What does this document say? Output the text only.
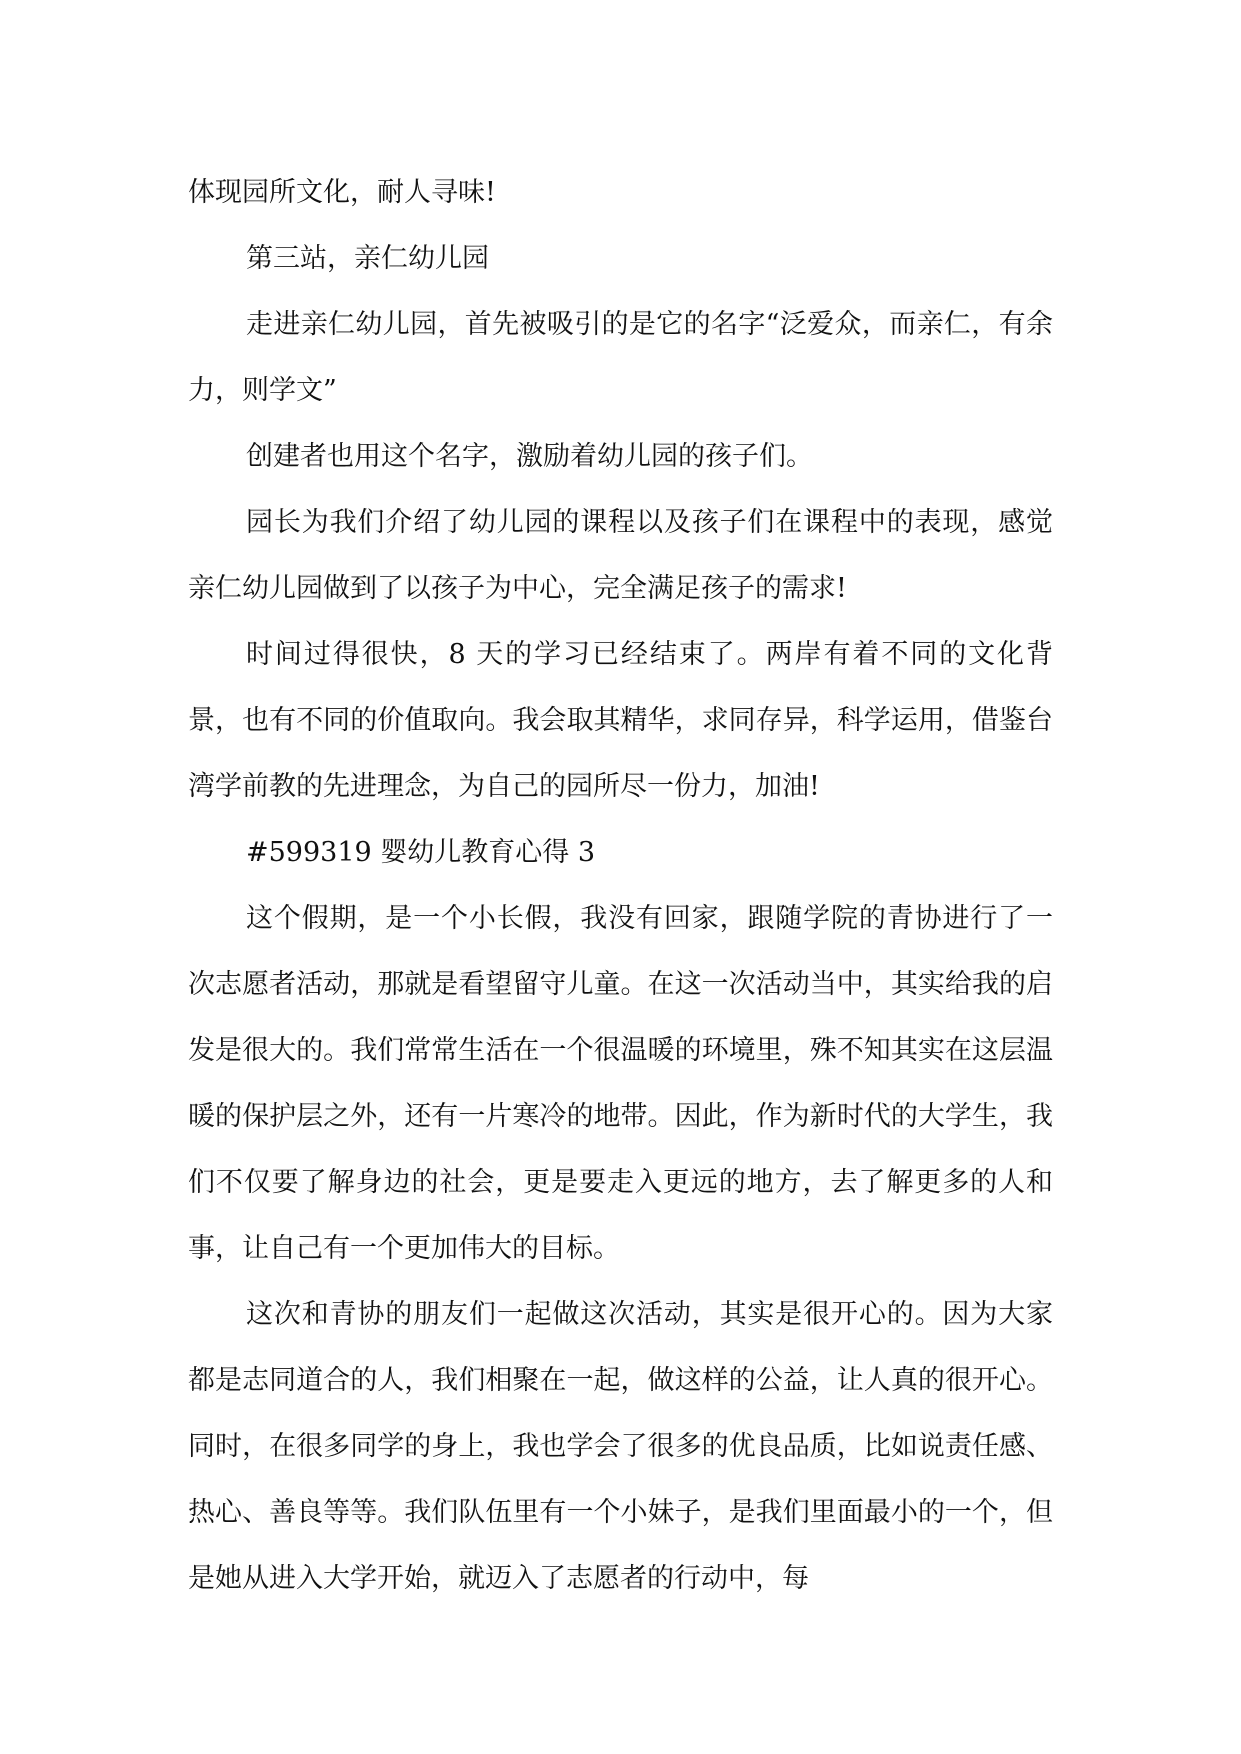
体现园所文化，耐人寻味!

第三站，亲仁幼儿园

走进亲仁幼儿园，首先被吸引的是它的名字“泛爱众，而亲仁，有余力，则学文”

创建者也用这个名字，激励着幼儿园的孩子们。

园长为我们介绍了幼儿园的课程以及孩子们在课程中的表现，感觉亲仁幼儿园做到了以孩子为中心，完全满足孩子的需求!

时间过得很快，8 天的学习已经结束了。两岸有着不同的文化背景，也有不同的价值取向。我会取其精华，求同存异，科学运用，借鉴台湾学前教的先进理念，为自己的园所尽一份力，加油!

#599319 婴幼儿教育心得 3

这个假期，是一个小长假，我没有回家，跟随学院的青协进行了一次志愿者活动，那就是看望留守儿童。在这一次活动当中，其实给我的启发是很大的。我们常常生活在一个很温暖的环境里，殊不知其实在这层温暖的保护层之外，还有一片寒冷的地带。因此，作为新时代的大学生，我们不仅要了解身边的社会，更是要走入更远的地方，去了解更多的人和事，让自己有一个更加伟大的目标。

这次和青协的朋友们一起做这次活动，其实是很开心的。因为大家都是志同道合的人，我们相聚在一起，做这样的公益，让人真的很开心。同时，在很多同学的身上，我也学会了很多的优良品质，比如说责任感、热心、善良等等。我们队伍里有一个小妹子，是我们里面最小的一个，但是她从进入大学开始，就迈入了志愿者的行动中，每
